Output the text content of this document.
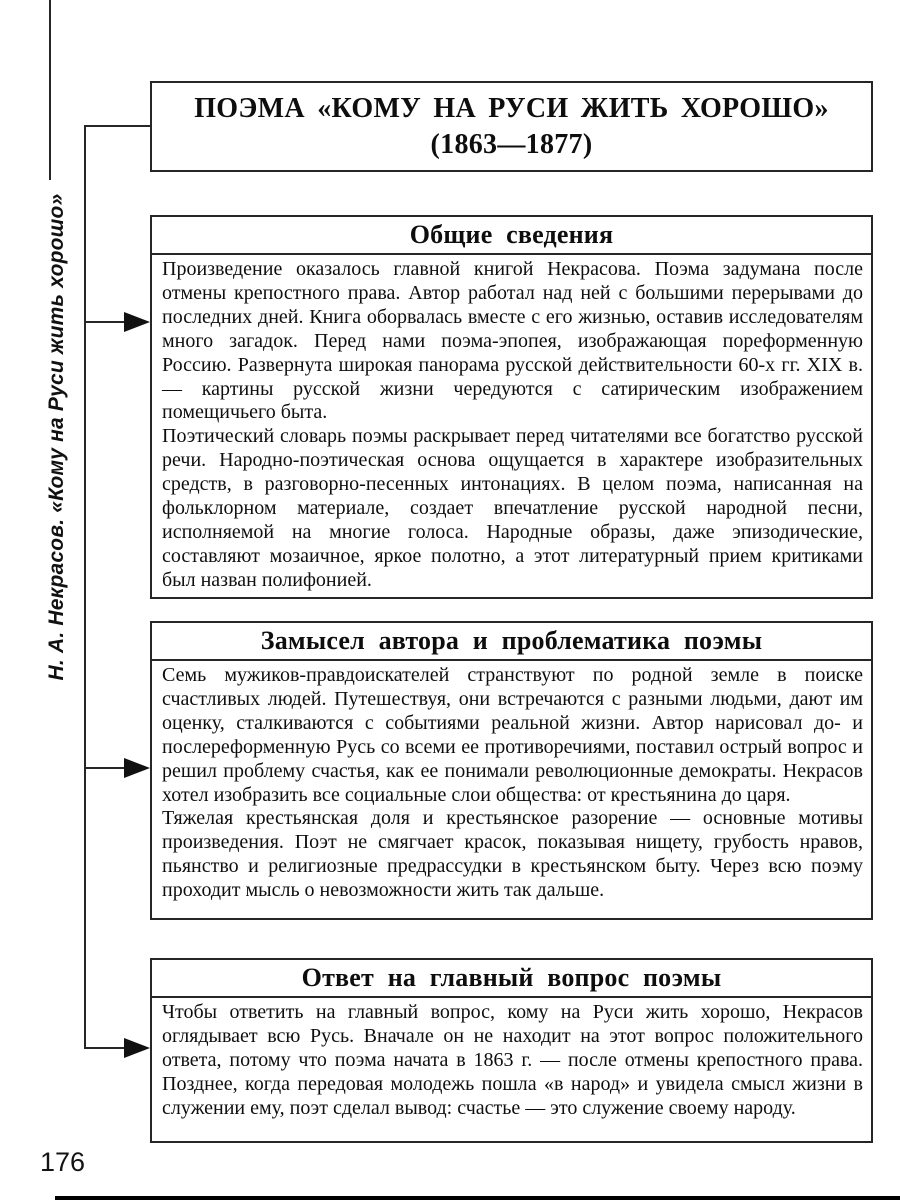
Н. А. Некрасов. «Кому на Руси жить хорошо»
ПОЭМА «КОМУ НА РУСИ ЖИТЬ ХОРОШО»
(1863—1877)
Общие сведения

Произведение оказалось главной книгой Некрасова. Поэма задумана после отмены крепостного права. Автор работал над ней с большими перерывами до последних дней. Книга оборвалась вместе с его жизнью, оставив исследователям много загадок. Перед нами поэма-эпопея, изображающая пореформенную Россию. Развернута широкая панорама русской действительности 60-х гг. XIX в. — картины русской жизни чередуются с сатирическим изображением помещичьего быта.

Поэтический словарь поэмы раскрывает перед читателями все богатство русской речи. Народно-поэтическая основа ощущается в характере изобразительных средств, в разговорно-песенных интонациях. В целом поэма, написанная на фольклорном материале, создает впечатление русской народной песни, исполняемой на многие голоса. Народные образы, даже эпизодические, составляют мозаичное, яркое полотно, а этот литературный прием критиками был назван полифонией.

Замысел автора и проблематика поэмы

Семь мужиков-правдоискателей странствуют по родной земле в поиске счастливых людей. Путешествуя, они встречаются с разными людьми, дают им оценку, сталкиваются с событиями реальной жизни. Автор нарисовал до- и послереформенную Русь со всеми ее противоречиями, поставил острый вопрос и решил проблему счастья, как ее понимали революционные демократы. Некрасов хотел изобразить все социальные слои общества: от крестьянина до царя.

Тяжелая крестьянская доля и крестьянское разорение — основные мотивы произведения. Поэт не смягчает красок, показывая нищету, грубость нравов, пьянство и религиозные предрассудки в крестьянском быту. Через всю поэму проходит мысль о невозможности жить так дальше.

Ответ на главный вопрос поэмы

Чтобы ответить на главный вопрос, кому на Руси жить хорошо, Некрасов оглядывает всю Русь. Вначале он не находит на этот вопрос положительного ответа, потому что поэма начата в 1863 г. — после отмены крепостного права. Позднее, когда передовая молодежь пошла «в народ» и увидела смысл жизни в служении ему, поэт сделал вывод: счастье — это служение своему народу.

176
